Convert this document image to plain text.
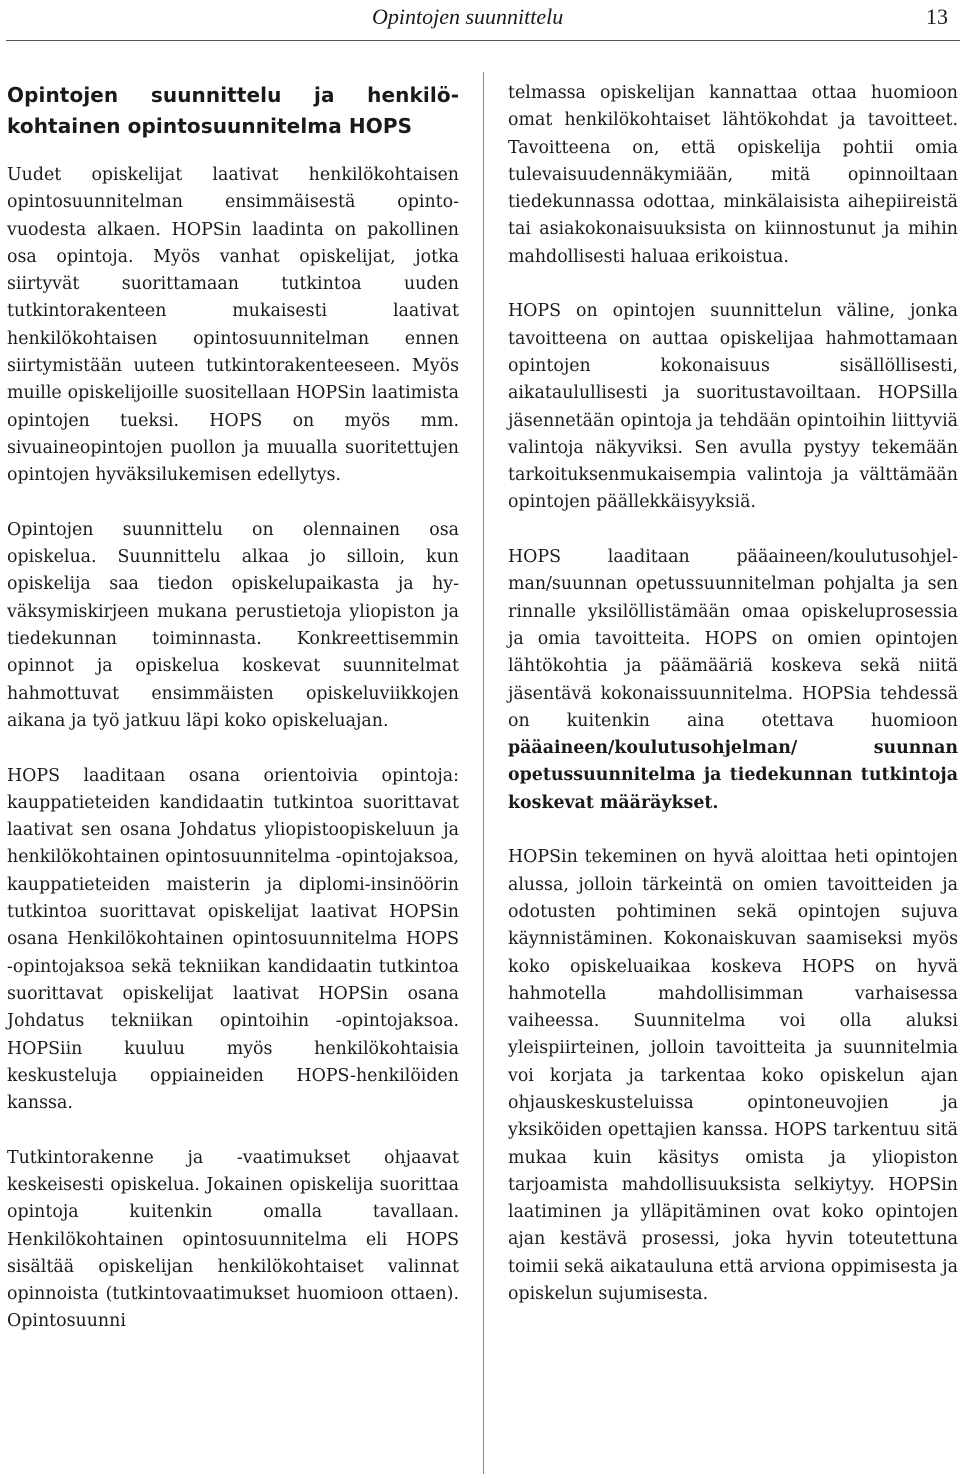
Opintojen suunnittelu	13
Opintojen suunnittelu ja henkilökohtainen opintosuunnitelma HOPS

Uudet opiskelijat laativat henkilökohtaisen opintosuunnitelman ensimmäisestä opintovuodesta alkaen. HOPSin laadinta on pakollinen osa opintoja. Myös vanhat opiskelijat, jotka siirtyvät suorittamaan tutkintoa uuden tutkintorakenteen mukaisesti laativat henkilökohtaisen opintosuunnitelman ennen siirtymistään uuteen tutkintorakenteeseen. Myös muille opiskelijoille suositellaan HOPSin laatimista opintojen tueksi. HOPS on myös mm. sivuaineopintojen puollon ja muualla suoritettujen opintojen hyväksilukemisen edellytys.

Opintojen suunnittelu on olennainen osa opiskelua. Suunnittelu alkaa jo silloin, kun opiskelija saa tiedon opiskelupaikasta ja hyväksymiskirjeen mukana perustietoja yliopiston ja tiedekunnan toiminnasta. Konkreettisemmin opinnot ja opiskelua koskevat suunnitelmat hahmottuvat ensimmäisten opiskeluviikkojen aikana ja työ jatkuu läpi koko opiskeluajan.

HOPS laaditaan osana orientoivia opintoja: kauppatieteiden kandidaatin tutkintoa suorittavat laativat sen osana Johdatus yliopistoopiskeluun ja henkilökohtainen opintosuunnitelma -opintojaksoa, kauppatieteiden maisterin ja diplomi-insinöörin tutkintoa suorittavat opiskelijat laativat HOPSin osana Henkilökohtainen opintosuunnitelma HOPS -opintojaksoa sekä tekniikan kandidaatin tutkintoa suorittavat opiskelijat laativat HOPSin osana Johdatus tekniikan opintoihin -opintojaksoa. HOPSiin kuuluu myös henkilökohtaisia keskusteluja oppiaineiden HOPS-henkilöiden kanssa.

Tutkintorakenne ja -vaatimukset ohjaavat keskeisesti opiskelua. Jokainen opiskelija suorittaa opintoja kuitenkin omalla tavallaan. Henkilökohtainen opintosuunnitelma eli HOPS sisältää opiskelijan henkilökohtaiset valinnat opinnoista (tutkintovaatimukset huomioon ottaen). Opintosuunni

telmassa opiskelijan kannattaa ottaa huomioon omat henkilökohtaiset lähtökohdat ja tavoitteet. Tavoitteena on, että opiskelija pohtii omia tulevaisuudennäkymiään, mitä opinnoiltaan tiedekunnassa odottaa, minkälaisista aihepiireistä tai asiakokonaisuuksista on kiinnostunut ja mihin mahdollisesti haluaa erikoistua.

HOPS on opintojen suunnittelun väline, jonka tavoitteena on auttaa opiskelijaa hahmottamaan opintojen kokonaisuus sisällöllisesti, aikataulullisesti ja suoritustavoiltaan. HOPSilla jäsennetään opintoja ja tehdään opintoihin liittyviä valintoja näkyviksi. Sen avulla pystyy tekemään tarkoituksenmukaisempia valintoja ja välttämään opintojen päällekkäisyyksiä.

HOPS laaditaan pääaineen/koulutusohjelman/suunnan opetussuunnitelman pohjalta ja sen rinnalle yksilöllistämään omaa opiskeluprosessia ja omia tavoitteita. HOPS on omien opintojen lähtökohtia ja päämääriä koskeva sekä niitä jäsentävä kokonaissuunnitelma. HOPSia tehdessä on kuitenkin aina otettava huomioon pääaineen/koulutusohjelman/ suunnan opetussuunnitelma ja tiedekunnan tutkintoja koskevat määräykset.

HOPSin tekeminen on hyvä aloittaa heti opintojen alussa, jolloin tärkeintä on omien tavoitteiden ja odotusten pohtiminen sekä opintojen sujuva käynnistäminen. Kokonaiskuvan saamiseksi myös koko opiskeluaikaa koskeva HOPS on hyvä hahmotella mahdollisimman varhaisessa vaiheessa. Suunnitelma voi olla aluksi yleispiirteinen, jolloin tavoitteita ja suunnitelmia voi korjata ja tarkentaa koko opiskelun ajan ohjauskeskusteluissa opintoneuvojien ja yksiköiden opettajien kanssa. HOPS tarkentuu sitä mukaa kuin käsitys omista ja yliopiston tarjoamista mahdollisuuksista selkiytyy. HOPSin laatiminen ja ylläpitäminen ovat koko opintojen ajan kestävä prosessi, joka hyvin toteutettuna toimii sekä aikatauluna että arviona oppimisesta ja opiskelun sujumisesta.
